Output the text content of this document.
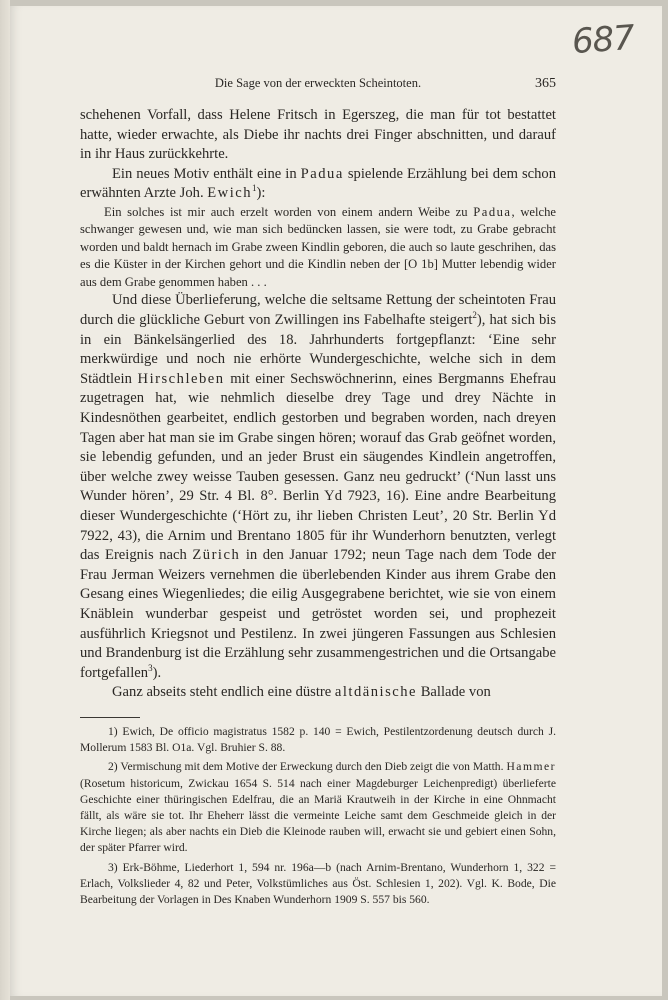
687
Die Sage von der erweckten Scheintoten.	365

schehenen Vorfall, dass Helene Fritsch in Egerszeg, die man für tot bestattet hatte, wieder erwachte, als Diebe ihr nachts drei Finger abschnitten, und darauf in ihr Haus zurückkehrte.

Ein neues Motiv enthält eine in Padua spielende Erzählung bei dem schon erwähnten Arzte Joh. Ewich$^1$):

Ein solches ist mir auch erzelt worden von einem andern Weibe zu Padua, welche schwanger gewesen und, wie man sich bedüncken lassen, sie were todt, zu Grabe gebracht worden und baldt hernach im Grabe zween Kindlin geboren, die auch so laute geschrihen, das es die Küster in der Kirchen gehort und die Kindlin neben der [O 1b] Mutter lebendig wider aus dem Grabe genommen haben . . .

Und diese Überlieferung, welche die seltsame Rettung der scheintoten Frau durch die glückliche Geburt von Zwillingen ins Fabelhafte steigert$^2$), hat sich bis in ein Bänkelsängerlied des 18. Jahrhunderts fortgepflanzt: ‘Eine sehr merkwürdige und noch nie erhörte Wundergeschichte, welche sich in dem Städtlein Hirschleben mit einer Sechswöchnerinn, eines Bergmanns Ehefrau zugetragen hat, wie nehmlich dieselbe drey Tage und drey Nächte in Kindesnöthen gearbeitet, endlich gestorben und begraben worden, nach dreyen Tagen aber hat man sie im Grabe singen hören; worauf das Grab geöfnet worden, sie lebendig gefunden, und an jeder Brust ein säugendes Kindlein angetroffen, über welche zwey weisse Tauben gesessen. Ganz neu gedruckt’ (‘Nun lasst uns Wunder hören’, 29 Str. 4 Bl. 8°. Berlin Yd 7923, 16). Eine andre Bearbeitung dieser Wundergeschichte (‘Hört zu, ihr lieben Christen Leut’, 20 Str. Berlin Yd 7922, 43), die Arnim und Brentano 1805 für ihr Wunderhorn benutzten, verlegt das Ereignis nach Zürich in den Januar 1792; neun Tage nach dem Tode der Frau Jerman Weizers vernehmen die überlebenden Kinder aus ihrem Grabe den Gesang eines Wiegenliedes; die eilig Ausgegrabene berichtet, wie sie von einem Knäblein wunderbar gespeist und getröstet worden sei, und prophezeit ausführlich Kriegsnot und Pestilenz. In zwei jüngeren Fassungen aus Schlesien und Brandenburg ist die Erzählung sehr zusammengestrichen und die Ortsangabe fortgefallen$^3$).

Ganz abseits steht endlich eine düstre altdänische Ballade von

1) Ewich, De officio magistratus 1582 p. 140 = Ewich, Pestilentzordenung deutsch durch J. Mollerum 1583 Bl. O1a. Vgl. Bruhier S. 88.

2) Vermischung mit dem Motive der Erweckung durch den Dieb zeigt die von Matth. Hammer (Rosetum historicum, Zwickau 1654 S. 514 nach einer Magdeburger Leichenpredigt) überlieferte Geschichte einer thüringischen Edelfrau, die an Mariä Krautweih in der Kirche in eine Ohnmacht fällt, als wäre sie tot. Ihr Eheherr lässt die vermeinte Leiche samt dem Geschmeide gleich in der Kirche liegen; als aber nachts ein Dieb die Kleinode rauben will, erwacht sie und gebiert einen Sohn, der später Pfarrer wird.

3) Erk-Böhme, Liederhort 1, 594 nr. 196a—b (nach Arnim-Brentano, Wunderhorn 1, 322 = Erlach, Volkslieder 4, 82 und Peter, Volkstümliches aus Öst. Schlesien 1, 202). Vgl. K. Bode, Die Bearbeitung der Vorlagen in Des Knaben Wunderhorn 1909 S. 557 bis 560.
